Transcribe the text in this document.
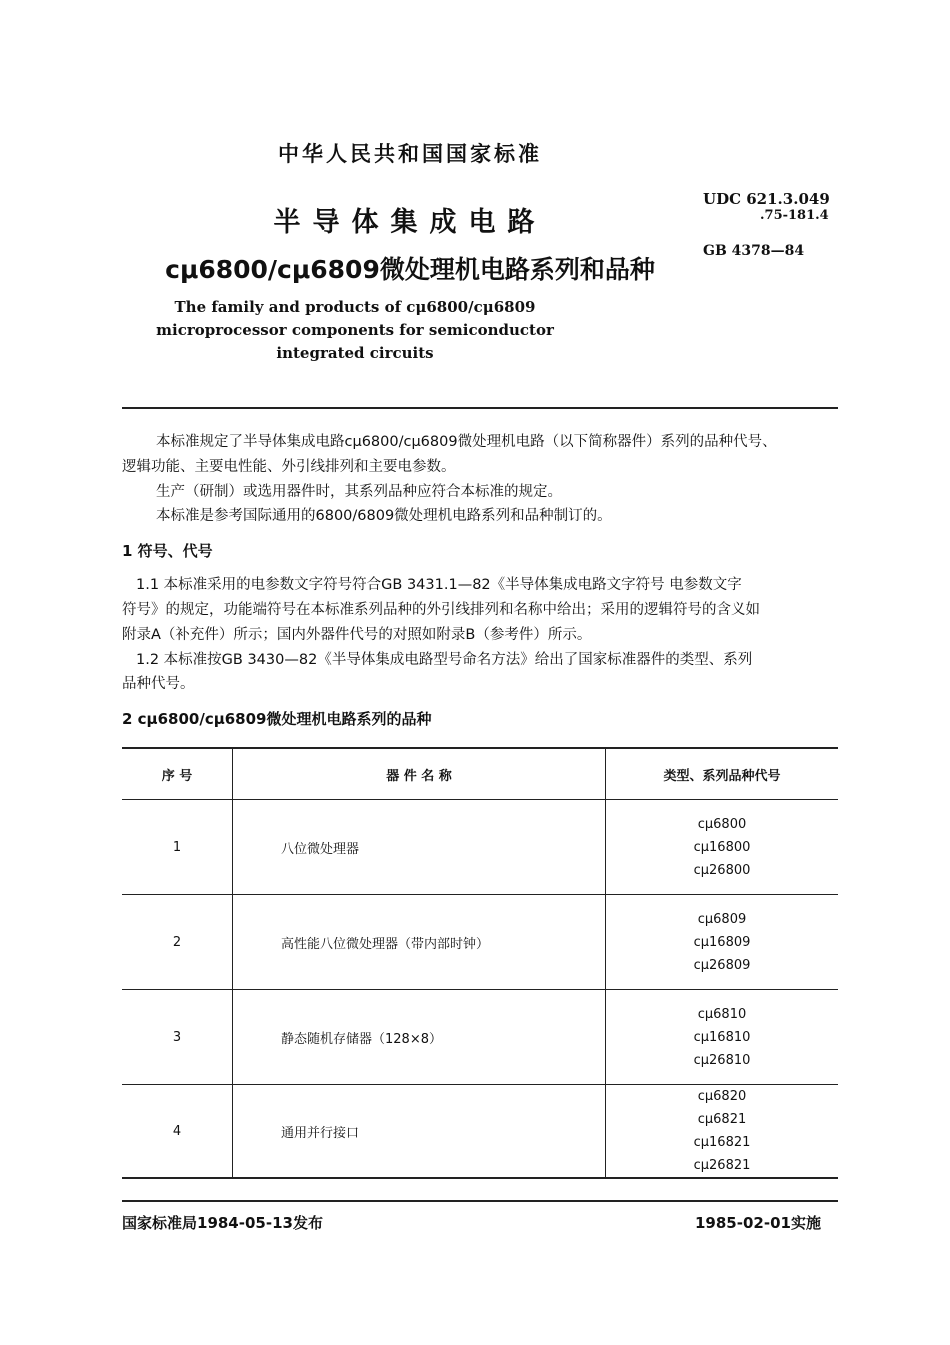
中华人民共和国国家标准
半导体集成电路
cμ6800/cμ6809微处理机电路系列和品种
UDC 621.3.049
.75-181.4
GB 4378—84
The family and products of cμ6800/cμ6809
microprocessor components for semiconductor
integrated circuits
本标准规定了半导体集成电路cμ6800/cμ6809微处理机电路（以下简称器件）系列的品种代号、
逻辑功能、主要电性能、外引线排列和主要电参数。
生产（研制）或选用器件时，其系列品种应符合本标准的规定。
本标准是参考国际通用的6800/6809微处理机电路系列和品种制订的。
1 符号、代号
1.1 本标准采用的电参数文字符号符合GB 3431.1—82《半导体集成电路文字符号 电参数文字
符号》的规定，功能端符号在本标准系列品种的外引线排列和名称中给出；采用的逻辑符号的含义如
附录A（补充件）所示；国内外器件代号的对照如附录B（参考件）所示。
1.2 本标准按GB 3430—82《半导体集成电路型号命名方法》给出了国家标准器件的类型、系列
品种代号。
2 cμ6800/cμ6809微处理机电路系列的品种
序 号	器 件 名 称	类型、系列品种代号
1	八位微处理器	cμ6800
cμ16800
cμ26800

2	高性能八位微处理器（带内部时钟）	cμ6809
cμ16809
cμ26809

3	静态随机存储器（128×8）	cμ6810
cμ16810
cμ26810

4	通用并行接口	cμ6820
cμ6821
cμ16821
cμ26821
国家标准局1984-05-13发布	1985-02-01实施
